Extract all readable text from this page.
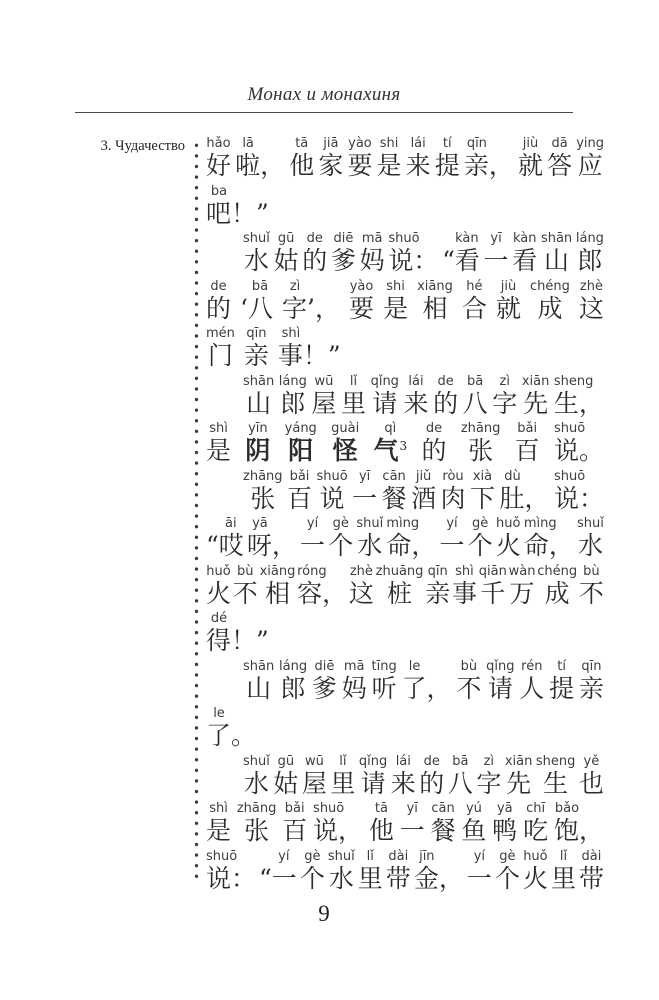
Монах и монахиня
3. Чудачество hǎo
好
lā
啦，
tā
他
jiā
家
yào
要
shi
是
lái
来
tí
提
qīn
亲，
jiù
就
dā
答
ying
应
ba
吧！”
shuǐ
水
gū
姑
de
的
diē
爹
mā
妈
shuō
说：
kàn
“看
yī
一
kàn
看
shān
山
láng
郎
de
的
bā
‘八
zì
字’，
yào
要
shi
是
xiāng
相
hé
合
jiù
就
chéng
成
zhè
这
mén
门
qīn
亲
shì
事！”
shān
山
láng
郎
wū
屋
lǐ
里
qǐng
请
lái
来
de
的
bā
八
zì
字
xiān
先
sheng
生，
shì
是
yīn
阴
yáng
阳
guài
怪
qì
气$^3$
de
的
zhāng
张
bǎi
百
shuō
说。
zhāng
张
bǎi
百
shuō
说
yī
一
cān
餐
jiǔ
酒
ròu
肉
xià
下
dù
肚，
shuō
说：
āi
“哎
yā
呀，
yí
一
gè
个
shuǐ
水
mìng
命，
yí
一
gè
个
huǒ
火
mìng
命，
shuǐ
水
huǒ
火
bù
不
xiāng
相
róng
容，
zhè
这
zhuāng
桩
qīn
亲
shì
事
qiān
千
wàn
万
chéng
成
bù
不
dé
得！”
shān
山
láng
郎
diē
爹
mā
妈
tīng
听
le
了，
bù
不
qǐng
请
rén
人
tí
提
qīn
亲
le
了。
shuǐ
水
gū
姑
wū
屋
lǐ
里
qǐng
请
lái
来
de
的
bā
八
zì
字
xiān
先
sheng
生
yě
也
shì
是
zhāng
张
bǎi
百
shuō
说，
tā
他
yī
一
cān
餐
yú
鱼
yā
鸭
chī
吃
bǎo
饱，
shuō
说：
yí
“一
gè
个
shuǐ
水
lǐ
里
dài
带
jīn
金，
yí
一
gè
个
huǒ
火
lǐ
里
dài
带
9
